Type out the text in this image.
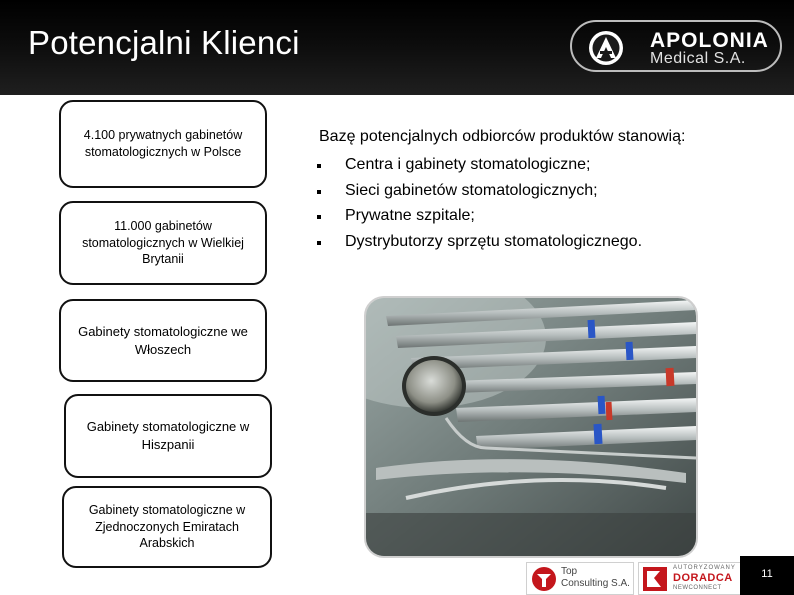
Potencjalni Klienci	APOLONIA
Medical S.A.
4.100 prywatnych gabinetów stomatologicznych w Polsce
11.000 gabinetów stomatologicznych w Wielkiej Brytanii
Gabinety stomatologiczne we Włoszech
Gabinety stomatologiczne w Hiszpanii
Gabinety stomatologiczne w Zjednoczonych Emiratach Arabskich
Bazę potencjalnych odbiorców produktów stanowią:
Centra i gabinety stomatologiczne;
Sieci gabinetów stomatologicznych;
Prywatne szpitale;
Dystrybutorzy sprzętu stomatologicznego.
Top
Consulting S.A.
AUTORYZOWANY
DORADCA
NEWCONNECT
11
